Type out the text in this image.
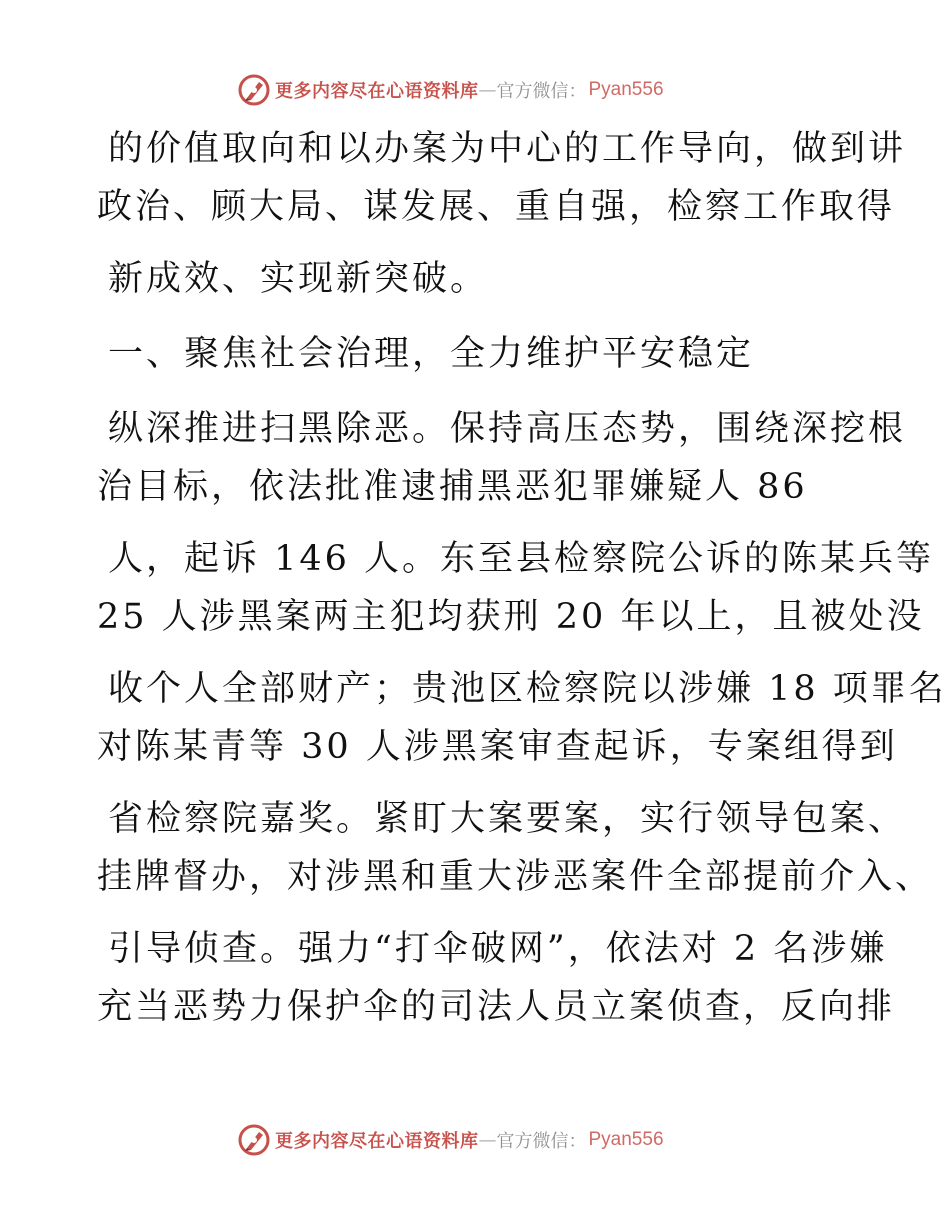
更多内容尽在心语资料库 — 官方微信： Pyan556
的价值取向和以办案为中心的工作导向，做到讲
政治、顾大局、谋发展、重自强，检察工作取得
新成效、实现新突破。
一、聚焦社会治理，全力维护平安稳定
纵深推进扫黑除恶。保持高压态势，围绕深挖根
治目标，依法批准逮捕黑恶犯罪嫌疑人 86
人，起诉 146 人。东至县检察院公诉的陈某兵等
25 人涉黑案两主犯均获刑 20 年以上，且被处没
收个人全部财产；贵池区检察院以涉嫌 18 项罪名
对陈某青等 30 人涉黑案审查起诉，专案组得到
省检察院嘉奖。紧盯大案要案，实行领导包案、
挂牌督办，对涉黑和重大涉恶案件全部提前介入、
引导侦查。强力“打伞破网”，依法对 2 名涉嫌
充当恶势力保护伞的司法人员立案侦查，反向排
更多内容尽在心语资料库 — 官方微信： Pyan556
